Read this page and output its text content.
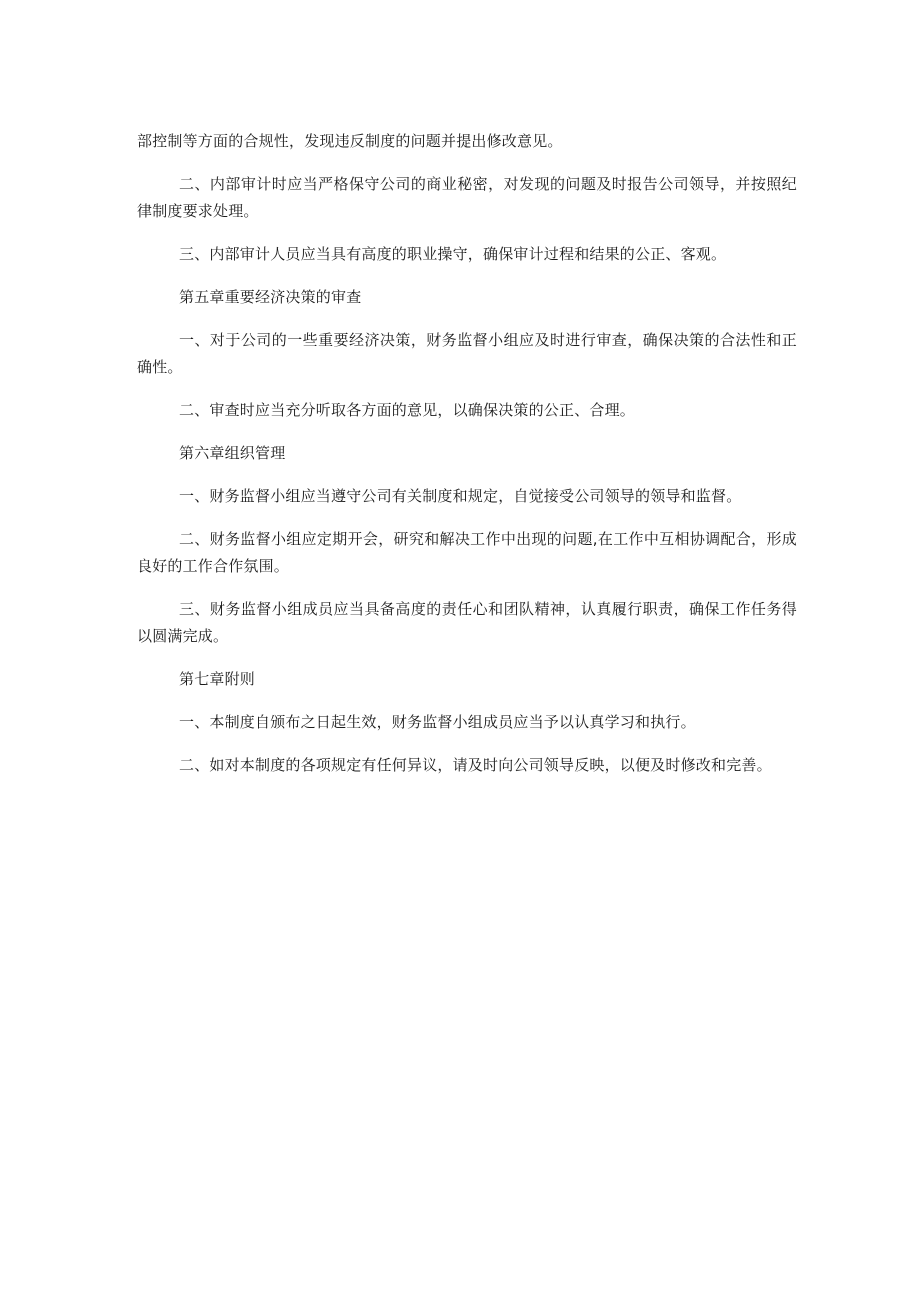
部控制等方面的合规性，发现违反制度的问题并提出修改意见。

二、内部审计时应当严格保守公司的商业秘密，对发现的问题及时报告公司领导，并按照纪律制度要求处理。

三、内部审计人员应当具有高度的职业操守，确保审计过程和结果的公正、客观。

第五章重要经济决策的审查

一、对于公司的一些重要经济决策，财务监督小组应及时进行审查，确保决策的合法性和正确性。

二、审查时应当充分听取各方面的意见，以确保决策的公正、合理。

第六章组织管理

一、财务监督小组应当遵守公司有关制度和规定，自觉接受公司领导的领导和监督。

二、财务监督小组应定期开会，研究和解决工作中出现的问题,在工作中互相协调配合，形成良好的工作合作氛围。

三、财务监督小组成员应当具备高度的责任心和团队精神，认真履行职责，确保工作任务得以圆满完成。

第七章附则

一、本制度自颁布之日起生效，财务监督小组成员应当予以认真学习和执行。

二、如对本制度的各项规定有任何异议，请及时向公司领导反映，以便及时修改和完善。
